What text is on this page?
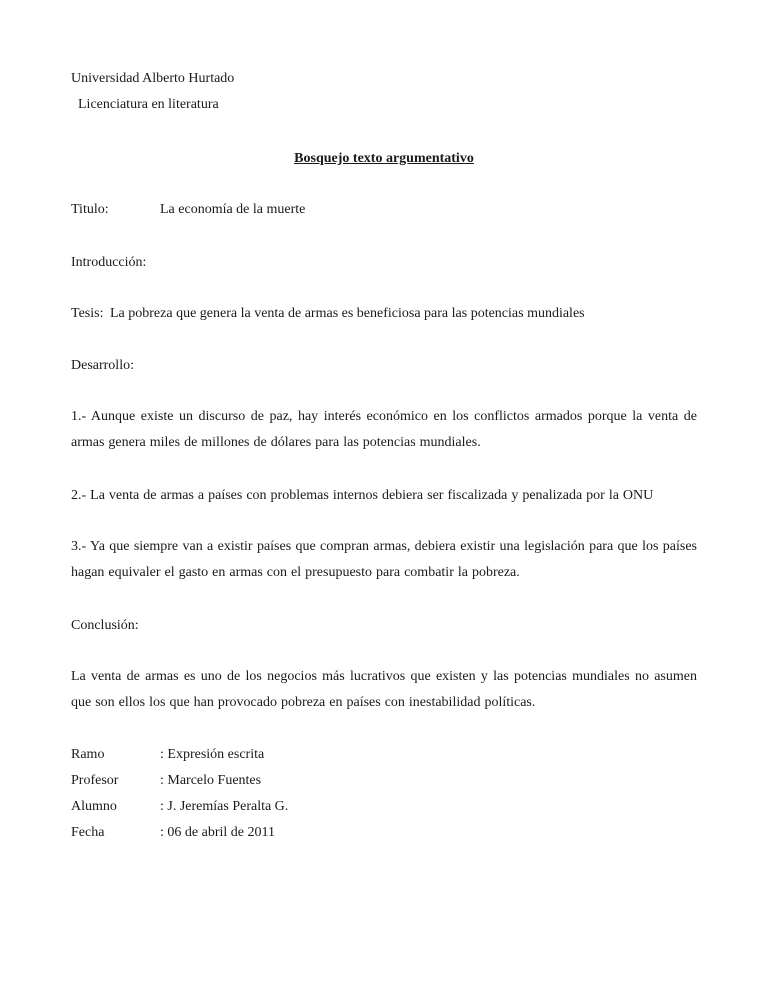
Universidad Alberto Hurtado
Licenciatura en literatura
Bosquejo texto argumentativo
Titulo:	La economía de la muerte
Introducción:
Tesis: La pobreza que genera la venta de armas es beneficiosa para las potencias mundiales
Desarrollo:
1.- Aunque existe un discurso de paz, hay interés económico en los conflictos armados porque la venta de armas genera miles de millones de dólares para las potencias mundiales.
2.- La venta de armas a países con problemas internos debiera ser fiscalizada y penalizada por la ONU
3.- Ya que siempre van a existir países que compran armas, debiera existir una legislación para que los países hagan equivaler el gasto en armas con el presupuesto para combatir la pobreza.
Conclusión:
La venta de armas es uno de los negocios más lucrativos que existen y las potencias mundiales no asumen que son ellos los que han provocado pobreza en países con inestabilidad políticas.
Ramo	: Expresión escrita
Profesor	: Marcelo Fuentes
Alumno	: J. Jeremías Peralta G.
Fecha	: 06 de abril de 2011
